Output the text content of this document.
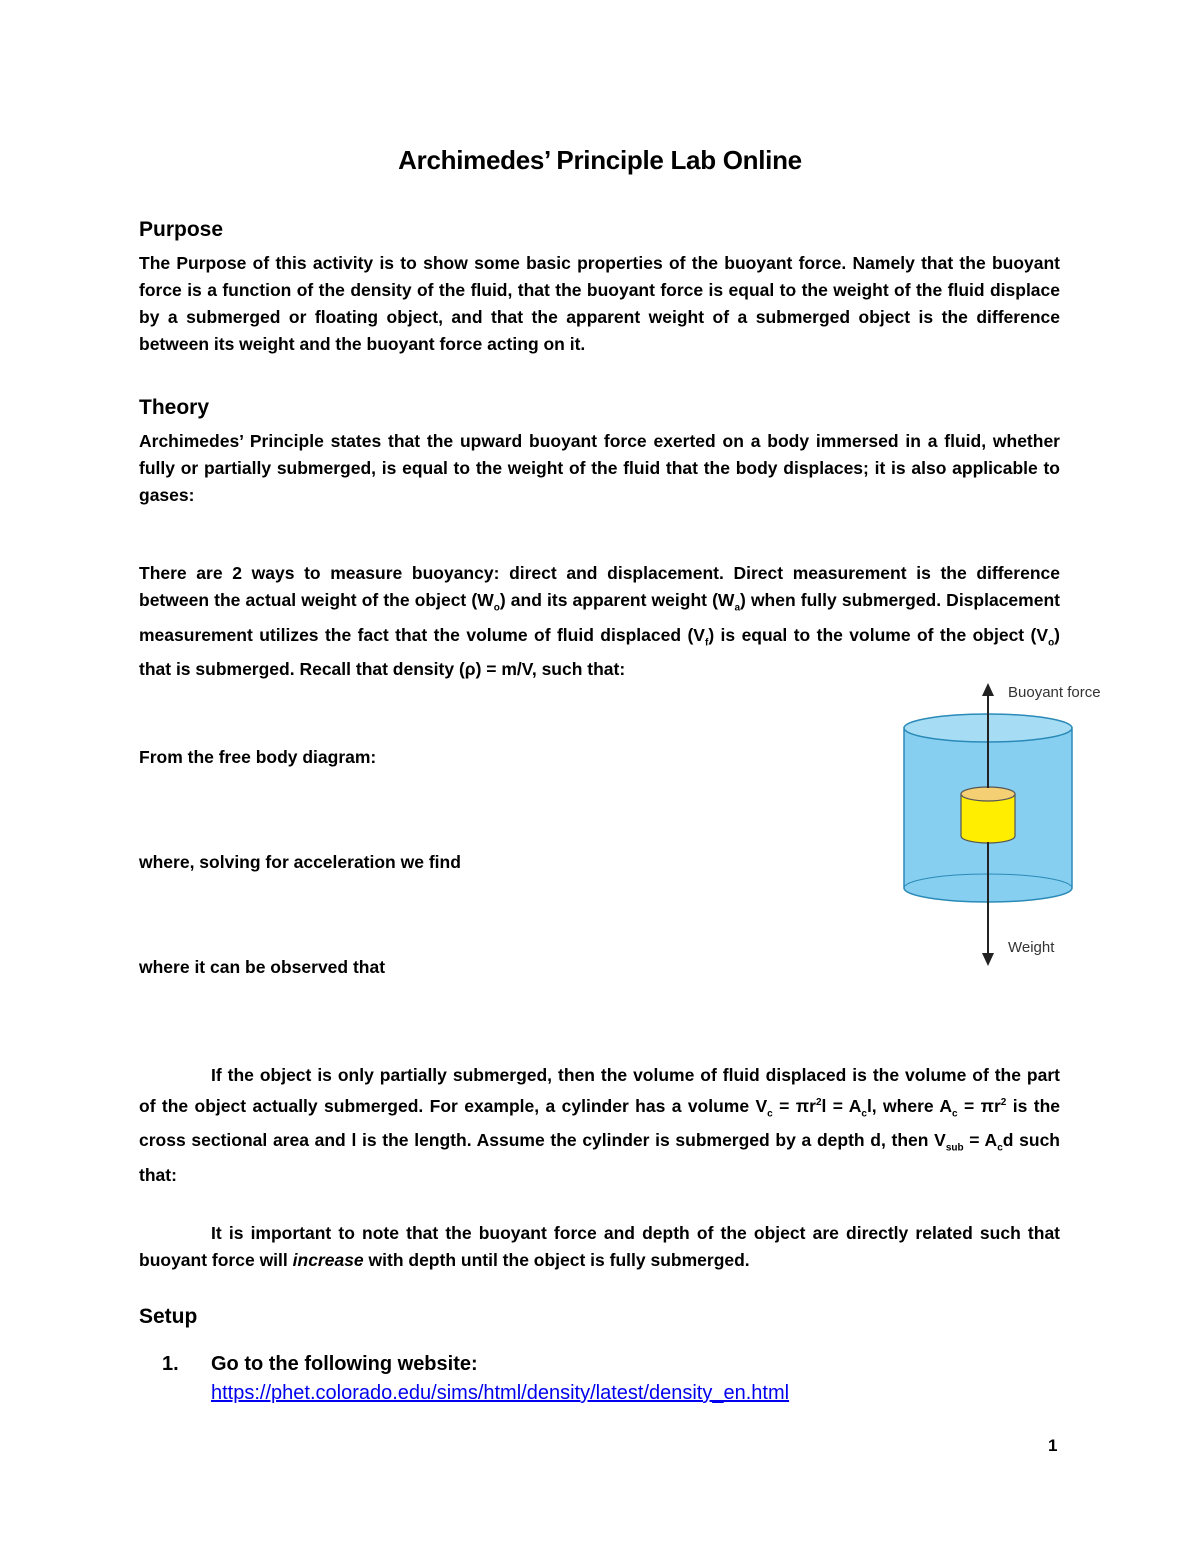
Archimedes’ Principle Lab Online
Purpose
The Purpose of this activity is to show some basic properties of the buoyant force. Namely that the buoyant force is a function of the density of the fluid, that the buoyant force is equal to the weight of the fluid displace by a submerged or floating object, and that the apparent weight of a submerged object is the difference between its weight and the buoyant force acting on it.
Theory
Archimedes’ Principle states that the upward buoyant force exerted on a body immersed in a fluid, whether fully or partially submerged, is equal to the weight of the fluid that the body displaces; it is also applicable to gases:
There are 2 ways to measure buoyancy: direct and displacement. Direct measurement is the difference between the actual weight of the object $(W_o)$ and its apparent weight $(W_a)$ when fully submerged. Displacement measurement utilizes the fact that the volume of fluid displaced $(V_f)$ is equal to the volume of the object $(V_o)$ that is submerged. Recall that density (ρ) = m/V, such that:
From the free body diagram:
where, solving for acceleration we find
where it can be observed that
If the object is only partially submerged, then the volume of fluid displaced is the volume of the part of the object actually submerged. For example, a cylinder has a volume $V_c = \pi r^2l = A_cl$, where $A_c = \pi r^2$ is the cross sectional area and l is the length. Assume the cylinder is submerged by a depth d, then $V_{sub} = A_cd$ such that:
It is important to note that the buoyant force and depth of the object are directly related such that buoyant force will increase with depth until the object is fully submerged.
Setup
1. Go to the following website:
https://phet.colorado.edu/sims/html/density/latest/density_en.html
1
Buoyant force
Weight
